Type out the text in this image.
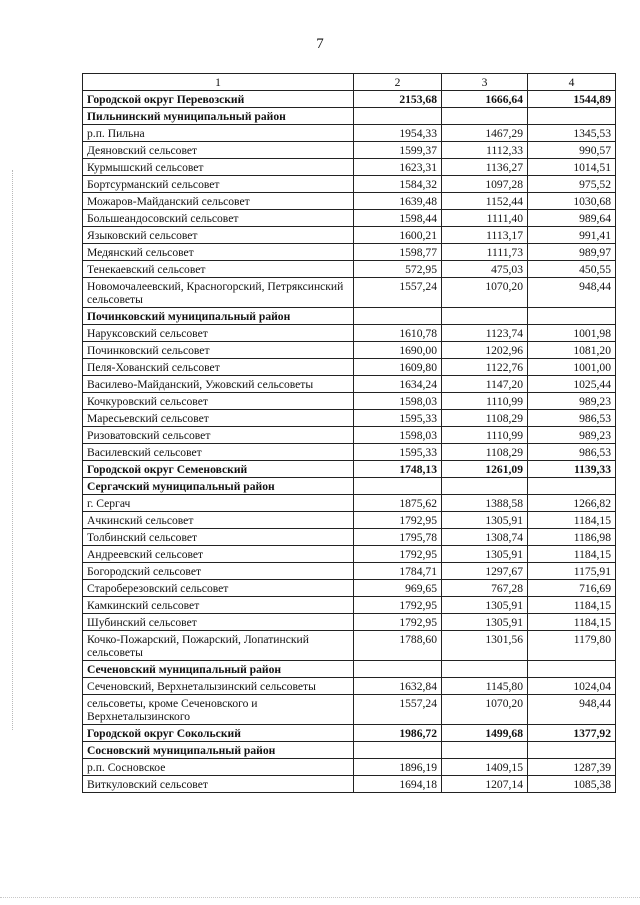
7
1	2	3	4
Городской округ Перевозский	2153,68	1666,64	1544,89
Пильнинский муниципальный район			
р.п. Пильна	1954,33	1467,29	1345,53
Деяновский сельсовет	1599,37	1112,33	990,57
Курмышский сельсовет	1623,31	1136,27	1014,51
Бортсурманский сельсовет	1584,32	1097,28	975,52
Можаров-Майданский сельсовет	1639,48	1152,44	1030,68
Большеандосовский сельсовет	1598,44	1111,40	989,64
Языковский сельсовет	1600,21	1113,17	991,41
Медянский сельсовет	1598,77	1111,73	989,97
Тенекаевский сельсовет	572,95	475,03	450,55
Новомочалеевский, Красногорский, Петряксинский сельсоветы	1557,24	1070,20	948,44
Починковский муниципальный район			
Наруксовский сельсовет	1610,78	1123,74	1001,98
Починковский сельсовет	1690,00	1202,96	1081,20
Пеля-Хованский сельсовет	1609,80	1122,76	1001,00
Василево-Майданский, Ужовский сельсоветы	1634,24	1147,20	1025,44
Кочкуровский сельсовет	1598,03	1110,99	989,23
Маресьевский сельсовет	1595,33	1108,29	986,53
Ризоватовский сельсовет	1598,03	1110,99	989,23
Василевский сельсовет	1595,33	1108,29	986,53
Городской округ Семеновский	1748,13	1261,09	1139,33
Сергачский муниципальный район			
г. Сергач	1875,62	1388,58	1266,82
Ачкинский сельсовет	1792,95	1305,91	1184,15
Толбинский сельсовет	1795,78	1308,74	1186,98
Андреевский сельсовет	1792,95	1305,91	1184,15
Богородский сельсовет	1784,71	1297,67	1175,91
Староберезовский сельсовет	969,65	767,28	716,69
Камкинский сельсовет	1792,95	1305,91	1184,15
Шубинский сельсовет	1792,95	1305,91	1184,15
Кочко-Пожарский, Пожарский, Лопатинский сельсоветы	1788,60	1301,56	1179,80
Сеченовский муниципальный район			
Сеченовский, Верхнеталызинский сельсоветы	1632,84	1145,80	1024,04
сельсоветы, кроме Сеченовского и Верхнеталызинского	1557,24	1070,20	948,44
Городской округ Сокольский	1986,72	1499,68	1377,92
Сосновский муниципальный район			
р.п. Сосновское	1896,19	1409,15	1287,39
Виткуловский сельсовет	1694,18	1207,14	1085,38
